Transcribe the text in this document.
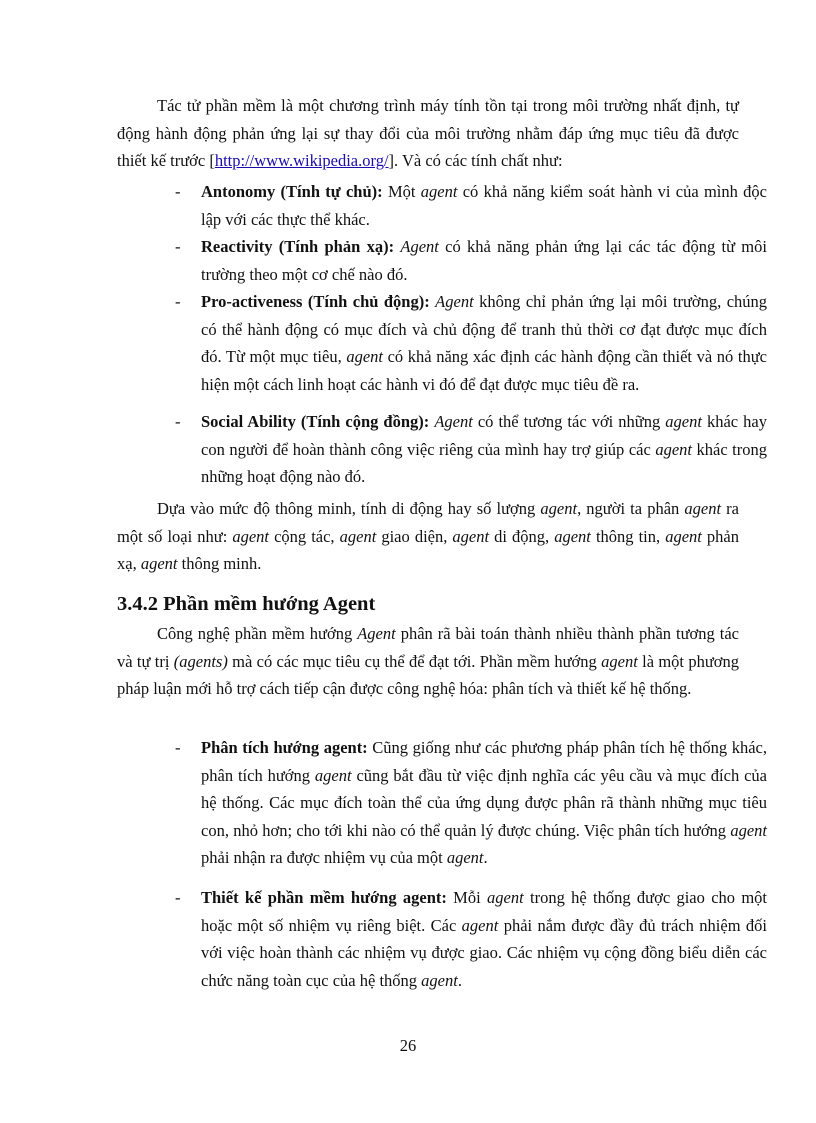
Tác tử phần mềm là một chương trình máy tính tồn tại trong môi trường nhất định, tự động hành động phản ứng lại sự thay đổi của môi trường nhằm đáp ứng mục tiêu đã được thiết kế trước [http://www.wikipedia.org/]. Và có các tính chất như:

- Antonomy (Tính tự chủ): Một agent có khả năng kiểm soát hành vi của mình độc lập với các thực thể khác.
- Reactivity (Tính phản xạ): Agent có khả năng phản ứng lại các tác động từ môi trường theo một cơ chế nào đó.
- Pro-activeness (Tính chủ động): Agent không chỉ phản ứng lại môi trường, chúng có thể hành động có mục đích và chủ động để tranh thủ thời cơ đạt được mục đích đó. Từ một mục tiêu, agent có khả năng xác định các hành động cần thiết và nó thực hiện một cách linh hoạt các hành vi đó để đạt được mục tiêu đề ra.
- Social Ability (Tính cộng đồng): Agent có thể tương tác với những agent khác hay con người để hoàn thành công việc riêng của mình hay trợ giúp các agent khác trong những hoạt động nào đó.

Dựa vào mức độ thông minh, tính di động hay số lượng agent, người ta phân agent ra một số loại như: agent cộng tác, agent giao diện, agent di động, agent thông tin, agent phản xạ, agent thông minh.

3.4.2 Phần mềm hướng Agent

Công nghệ phần mềm hướng Agent phân rã bài toán thành nhiều thành phần tương tác và tự trị (agents) mà có các mục tiêu cụ thể để đạt tới. Phần mềm hướng agent là một phương pháp luận mới hỗ trợ cách tiếp cận được công nghệ hóa: phân tích và thiết kế hệ thống.

- Phân tích hướng agent: Cũng giống như các phương pháp phân tích hệ thống khác, phân tích hướng agent cũng bắt đầu từ việc định nghĩa các yêu cầu và mục đích của hệ thống. Các mục đích toàn thể của ứng dụng được phân rã thành những mục tiêu con, nhỏ hơn; cho tới khi nào có thể quản lý được chúng. Việc phân tích hướng agent phải nhận ra được nhiệm vụ của một agent.
- Thiết kế phần mềm hướng agent: Mỗi agent trong hệ thống được giao cho một hoặc một số nhiệm vụ riêng biệt. Các agent phải nắm được đầy đủ trách nhiệm đối với việc hoàn thành các nhiệm vụ được giao. Các nhiệm vụ cộng đồng biểu diễn các chức năng toàn cục của hệ thống agent.
26
